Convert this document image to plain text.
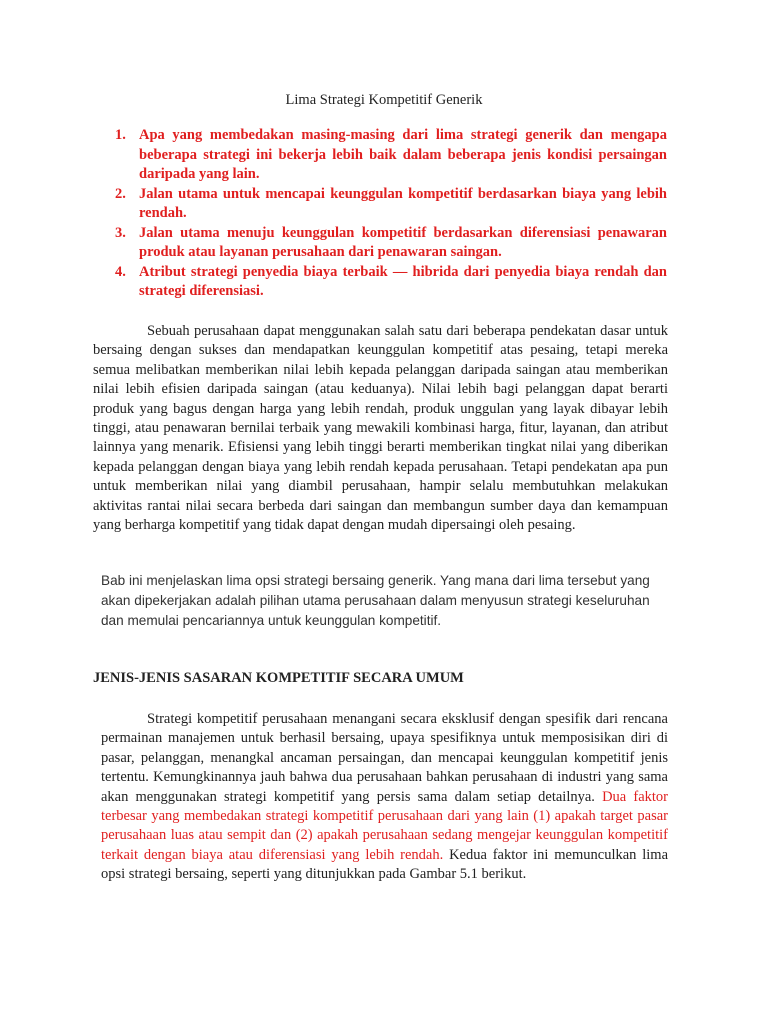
Lima Strategi Kompetitif Generik
1. Apa yang membedakan masing-masing dari lima strategi generik dan mengapa beberapa strategi ini bekerja lebih baik dalam beberapa jenis kondisi persaingan daripada yang lain.
2. Jalan utama untuk mencapai keunggulan kompetitif berdasarkan biaya yang lebih rendah.
3. Jalan utama menuju keunggulan kompetitif berdasarkan diferensiasi penawaran produk atau layanan perusahaan dari penawaran saingan.
4. Atribut strategi penyedia biaya terbaik — hibrida dari penyedia biaya rendah dan strategi diferensiasi.

Sebuah perusahaan dapat menggunakan salah satu dari beberapa pendekatan dasar untuk bersaing dengan sukses dan mendapatkan keunggulan kompetitif atas pesaing, tetapi mereka semua melibatkan memberikan nilai lebih kepada pelanggan daripada saingan atau memberikan nilai lebih efisien daripada saingan (atau keduanya). Nilai lebih bagi pelanggan dapat berarti produk yang bagus dengan harga yang lebih rendah, produk unggulan yang layak dibayar lebih tinggi, atau penawaran bernilai terbaik yang mewakili kombinasi harga, fitur, layanan, dan atribut lainnya yang menarik. Efisiensi yang lebih tinggi berarti memberikan tingkat nilai yang diberikan kepada pelanggan dengan biaya yang lebih rendah kepada perusahaan. Tetapi pendekatan apa pun untuk memberikan nilai yang diambil perusahaan, hampir selalu membutuhkan melakukan aktivitas rantai nilai secara berbeda dari saingan dan membangun sumber daya dan kemampuan yang berharga kompetitif yang tidak dapat dengan mudah dipersaingi oleh pesaing.

Bab ini menjelaskan lima opsi strategi bersaing generik. Yang mana dari lima tersebut yang akan dipekerjakan adalah pilihan utama perusahaan dalam menyusun strategi keseluruhan dan memulai pencariannya untuk keunggulan kompetitif.

JENIS-JENIS SASARAN KOMPETITIF SECARA UMUM

Strategi kompetitif perusahaan menangani secara eksklusif dengan spesifik dari rencana permainan manajemen untuk berhasil bersaing, upaya spesifiknya untuk memposisikan diri di pasar, pelanggan, menangkal ancaman persaingan, dan mencapai keunggulan kompetitif jenis tertentu. Kemungkinannya jauh bahwa dua perusahaan bahkan perusahaan di industri yang sama akan menggunakan strategi kompetitif yang persis sama dalam setiap detailnya. Dua faktor terbesar yang membedakan strategi kompetitif perusahaan dari yang lain (1) apakah target pasar perusahaan luas atau sempit dan (2) apakah perusahaan sedang mengejar keunggulan kompetitif terkait dengan biaya atau diferensiasi yang lebih rendah. Kedua faktor ini memunculkan lima opsi strategi bersaing, seperti yang ditunjukkan pada Gambar 5.1 berikut.
